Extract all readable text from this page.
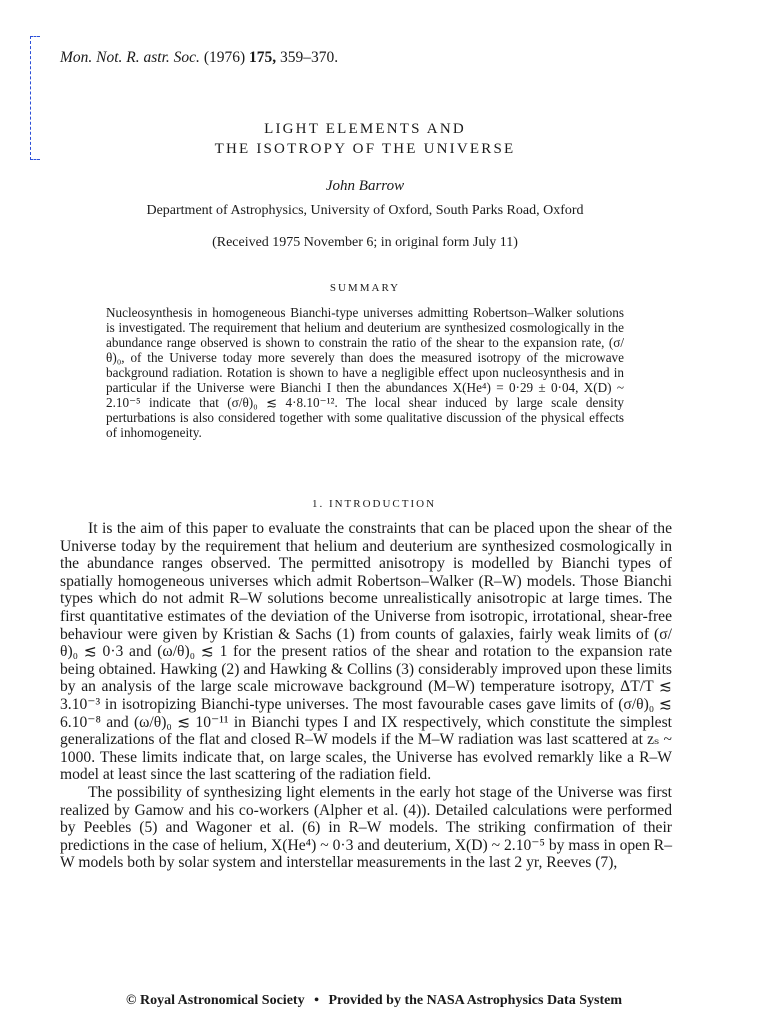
Mon. Not. R. astr. Soc. (1976) 175, 359–370.
LIGHT ELEMENTS AND
THE ISOTROPY OF THE UNIVERSE
John Barrow
Department of Astrophysics, University of Oxford, South Parks Road, Oxford
(Received 1975 November 6; in original form July 11)
SUMMARY
Nucleosynthesis in homogeneous Bianchi-type universes admitting Robertson–Walker solutions is investigated. The requirement that helium and deuterium are synthesized cosmologically in the abundance range observed is shown to constrain the ratio of the shear to the expansion rate, (σ/θ)₀, of the Universe today more severely than does the measured isotropy of the microwave background radiation. Rotation is shown to have a negligible effect upon nucleosynthesis and in particular if the Universe were Bianchi I then the abundances X(He⁴) = 0·29 ± 0·04, X(D) ~ 2.10⁻⁵ indicate that (σ/θ)₀ ≲ 4·8.10⁻¹². The local shear induced by large scale density perturbations is also considered together with some qualitative discussion of the physical effects of inhomogeneity.
1. INTRODUCTION

It is the aim of this paper to evaluate the constraints that can be placed upon the shear of the Universe today by the requirement that helium and deuterium are synthesized cosmologically in the abundance ranges observed. The permitted anisotropy is modelled by Bianchi types of spatially homogeneous universes which admit Robertson–Walker (R–W) models. Those Bianchi types which do not admit R–W solutions become unrealistically anisotropic at large times. The first quantitative estimates of the deviation of the Universe from isotropic, irrotational, shear-free behaviour were given by Kristian & Sachs (1) from counts of galaxies, fairly weak limits of (σ/θ)₀ ≲ 0·3 and (ω/θ)₀ ≲ 1 for the present ratios of the shear and rotation to the expansion rate being obtained. Hawking (2) and Hawking & Collins (3) considerably improved upon these limits by an analysis of the large scale microwave background (M–W) temperature isotropy, ΔT/T ≲ 3.10⁻³ in isotropizing Bianchi-type universes. The most favourable cases gave limits of (σ/θ)₀ ≲ 6.10⁻⁸ and (ω/θ)₀ ≲ 10⁻¹¹ in Bianchi types I and IX respectively, which constitute the simplest generalizations of the flat and closed R–W models if the M–W radiation was last scattered at zₛ ~ 1000. These limits indicate that, on large scales, the Universe has evolved remarkly like a R–W model at least since the last scattering of the radiation field.

The possibility of synthesizing light elements in the early hot stage of the Universe was first realized by Gamow and his co-workers (Alpher et al. (4)). Detailed calculations were performed by Peebles (5) and Wagoner et al. (6) in R–W models. The striking confirmation of their predictions in the case of helium, X(He⁴) ~ 0·3 and deuterium, X(D) ~ 2.10⁻⁵ by mass in open R–W models both by solar system and interstellar measurements in the last 2 yr, Reeves (7),

© Royal Astronomical Society • Provided by the NASA Astrophysics Data System
